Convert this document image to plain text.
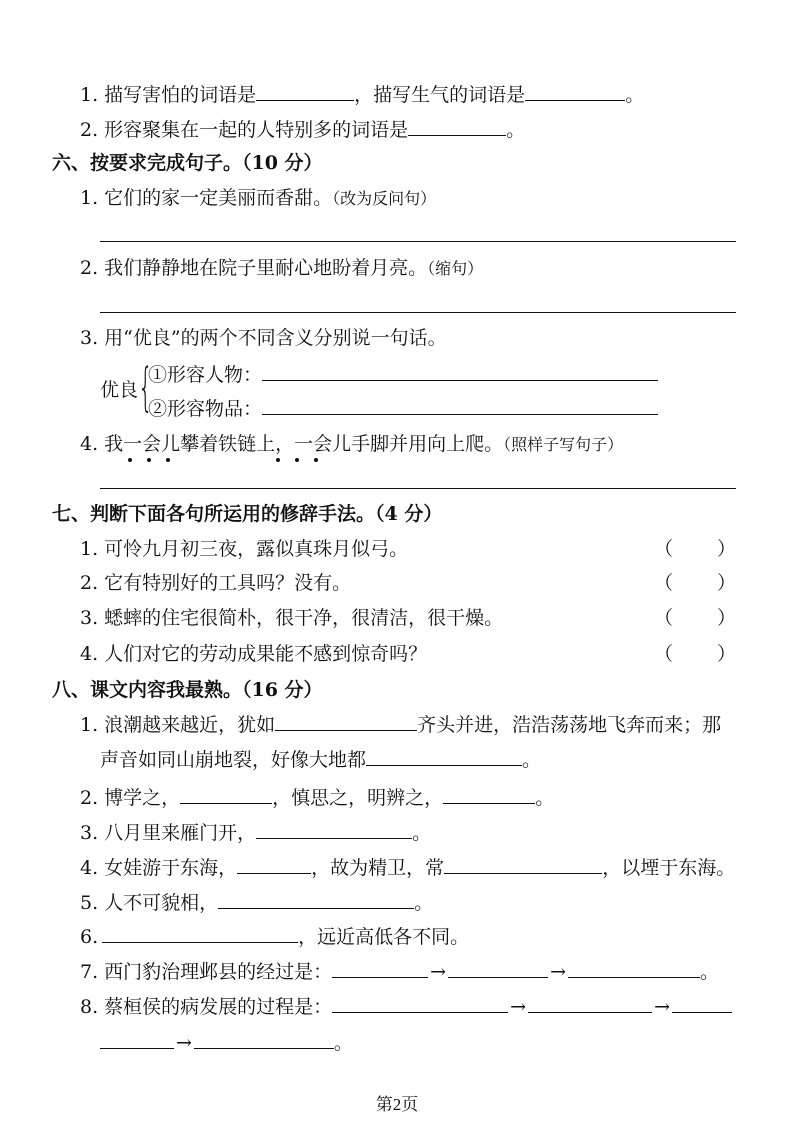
1. 描写害怕的词语是	，描写生气的词语是	。
2. 形容聚集在一起的人特别多的词语是	。
六、按要求完成句子。（10 分）
1. 它们的家一定美丽而香甜。（改为反问句）
2. 我们静静地在院子里耐心地盼着月亮。（缩句）
3. 用“优良”的两个不同含义分别说一句话。
优良 {
①形容人物：
②形容物品：
4. 我一会儿攀着铁链上，一会儿手脚并用向上爬。（照样子写句子）
七、判断下面各句所运用的修辞手法。（4 分）
1. 可怜九月初三夜，露似真珠月似弓。	（ ）
2. 它有特别好的工具吗？没有。	（ ）
3. 蟋蟀的住宅很简朴，很干净，很清洁，很干燥。	（ ）
4. 人们对它的劳动成果能不感到惊奇吗？	（ ）
八、课文内容我最熟。（16 分）
1. 浪潮越来越近，犹如	齐头并进，浩浩荡荡地飞奔而来；那
声音如同山崩地裂，好像大地都	。
2. 博学之，	，慎思之，明辨之，	。
3. 八月里来雁门开，	。
4. 女娃游于东海，	，故为精卫，常	，以堙于东海。
5. 人不可貌相，	。
6.	，远近高低各不同。
7. 西门豹治理邺县的经过是：	→	→	。
8. 蔡桓侯的病发展的过程是：	→	→
→	。
第2页
